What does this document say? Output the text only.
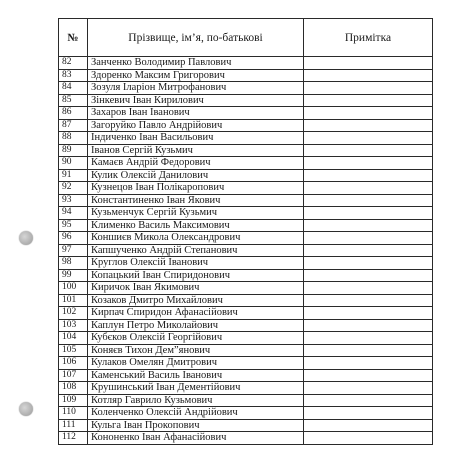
№	Прізвище, ім’я, по-батькові	Примітка
82	Занченко Володимир Павлович	
83	Здоренко Максим Григорович	
84	Зозуля Іларіон Митрофанович	
85	Зінкевич Іван Кирилович	
86	Захаров Іван Іванович	
87	Загоруйко Павло Андрійович	
88	Індиченко Іван Васильович	
89	Іванов Сергій Кузьмич	
90	Камаєв Андрій Федорович	
91	Кулик Олексій Данилович	
92	Кузнецов Іван Полікаропович	
93	Константиненко Іван Якович	
94	Кузьменчук Сергій Кузьмич	
95	Клименко Василь Максимович	
96	Коншиєв Микола Олександрович	
97	Капшученко Андрій Степанович	
98	Круглов Олексій Іванович	
99	Копацький Іван Спиридонович	
100	Киричок Іван Якимович	
101	Козаков Дмитро Михайлович	
102	Кирпач Спиридон Афанасійович	
103	Каплун Петро Миколайович	
104	Кубєков Олексій Георгійович	
105	Коняєв Тихон Дем”янович	
106	Кулаков Омелян Дмитрович	
107	Каменський Василь Іванович	
108	Крушинський Іван Дементійович	
109	Котляр Гаврило Кузьмович	
110	Коленченко Олексій Андрійович	
111	Кульга Іван Прокопович	
112	Кононенко Іван Афанасійович	
